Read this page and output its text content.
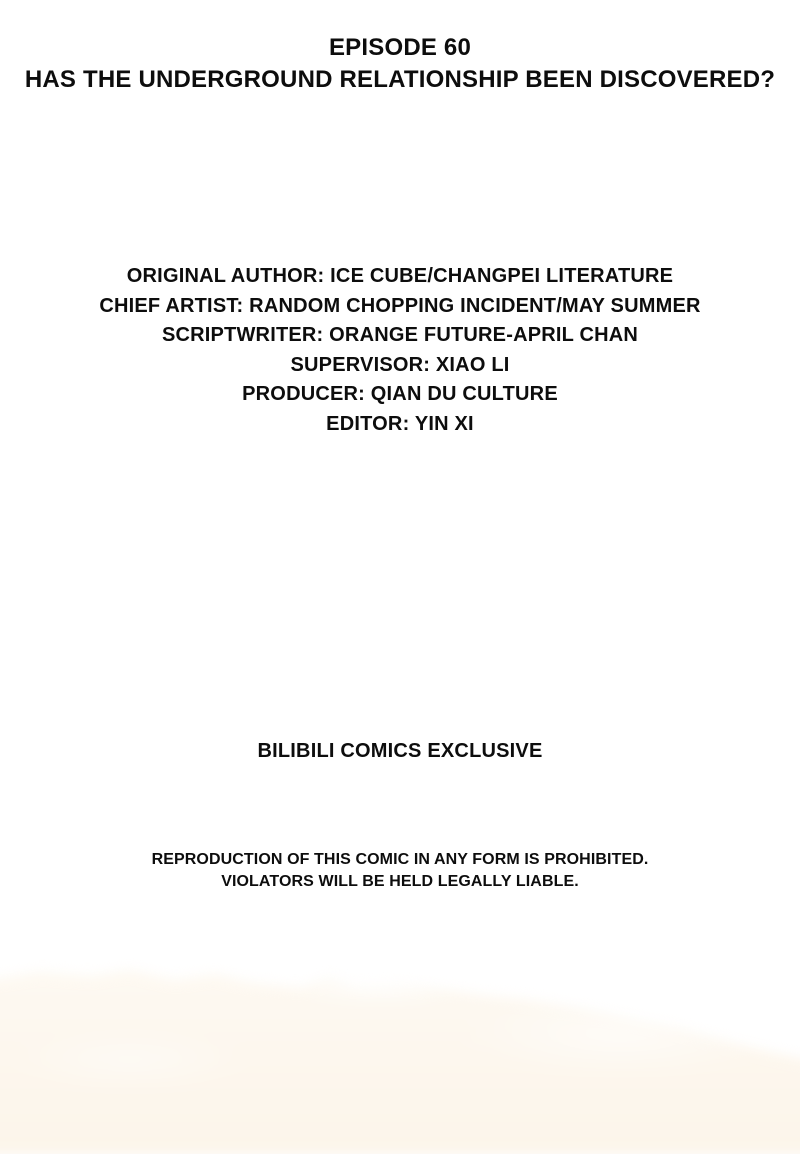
EPISODE 60
HAS THE UNDERGROUND RELATIONSHIP BEEN DISCOVERED?
ORIGINAL AUTHOR: ICE CUBE/CHANGPEI LITERATURE
CHIEF ARTIST: RANDOM CHOPPING INCIDENT/MAY SUMMER
SCRIPTWRITER: ORANGE FUTURE-APRIL CHAN
SUPERVISOR: XIAO LI
PRODUCER: QIAN DU CULTURE
EDITOR: YIN XI
BILIBILI COMICS EXCLUSIVE
REPRODUCTION OF THIS COMIC IN ANY FORM IS PROHIBITED.
VIOLATORS WILL BE HELD LEGALLY LIABLE.
